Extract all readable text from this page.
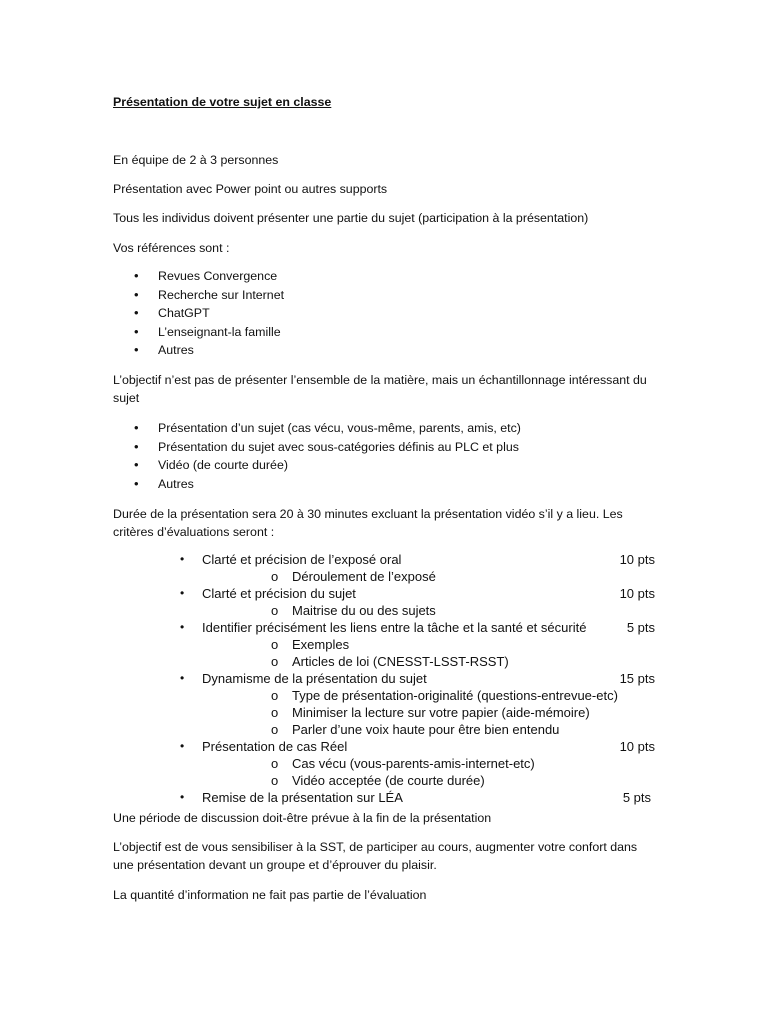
Présentation de votre sujet en classe

En équipe de 2 à 3 personnes

Présentation avec Power point ou autres supports

Tous les individus doivent présenter une partie du sujet (participation à la présentation)

Vos références sont :

• Revues Convergence
• Recherche sur Internet
• ChatGPT
• L’enseignant-la famille
• Autres

L’objectif n’est pas de présenter l’ensemble de la matière, mais un échantillonnage intéressant du sujet

• Présentation d’un sujet (cas vécu, vous-même, parents, amis, etc)
• Présentation du sujet avec sous-catégories définis au PLC et plus
• Vidéo (de courte durée)
• Autres

Durée de la présentation sera 20 à 30 minutes excluant la présentation vidéo s’il y a lieu. Les critères d’évaluations seront :

• Clarté et précision de l’exposé oral	10 pts
o Déroulement de l’exposé
• Clarté et précision du sujet	10 pts
o Maitrise du ou des sujets
• Identifier précisément les liens entre la tâche et la santé et sécurité	5 pts
o Exemples
o Articles de loi (CNESST-LSST-RSST)
• Dynamisme de la présentation du sujet	15 pts
o Type de présentation-originalité (questions-entrevue-etc)
o Minimiser la lecture sur votre papier (aide-mémoire)
o Parler d’une voix haute pour être bien entendu
• Présentation de cas Réel	10 pts
o Cas vécu (vous-parents-amis-internet-etc)
o Vidéo acceptée (de courte durée)
• Remise de la présentation sur LÉA	5 pts

Une période de discussion doit-être prévue à la fin de la présentation

L’objectif est de vous sensibiliser à la SST, de participer au cours, augmenter votre confort dans une présentation devant un groupe et d’éprouver du plaisir.

La quantité d’information ne fait pas partie de l’évaluation
